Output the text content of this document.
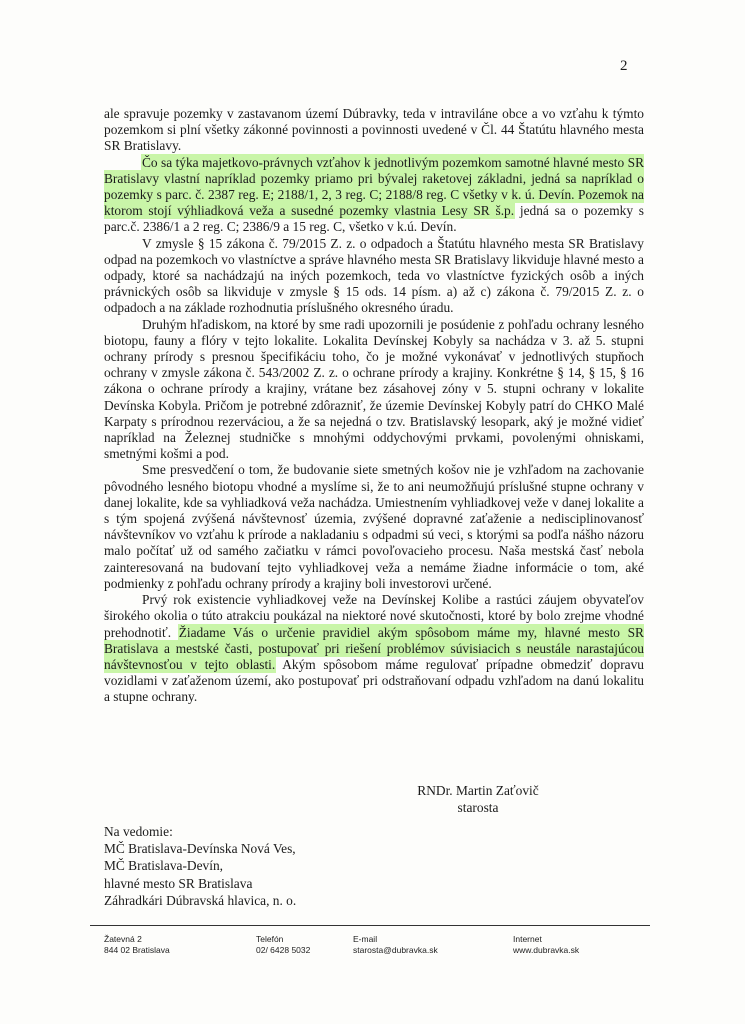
2

ale spravuje pozemky v zastavanom území Dúbravky, teda v intraviláne obce a vo vzťahu k týmto pozemkom si plní všetky zákonné povinnosti a povinnosti uvedené v Čl. 44 Štatútu hlavného mesta SR Bratislavy.

Čo sa týka majetkovo-právnych vzťahov k jednotlivým pozemkom samotné hlavné mesto SR Bratislavy vlastní napríklad pozemky priamo pri bývalej raketovej základni, jedná sa napríklad o pozemky s parc. č. 2387 reg. E; 2188/1, 2, 3 reg. C; 2188/8 reg. C všetky v k. ú. Devín. Pozemok na ktorom stojí výhliadková veža a susedné pozemky vlastnia Lesy SR š.p. jedná sa o pozemky s parc.č. 2386/1 a 2 reg. C; 2386/9 a 15 reg. C, všetko v k.ú. Devín.

V zmysle § 15 zákona č. 79/2015 Z. z. o odpadoch a Štatútu hlavného mesta SR Bratislavy odpad na pozemkoch vo vlastníctve a správe hlavného mesta SR Bratislavy likviduje hlavné mesto a odpady, ktoré sa nachádzajú na iných pozemkoch, teda vo vlastníctve fyzických osôb a iných právnických osôb sa likviduje v zmysle § 15 ods. 14 písm. a) až c) zákona č. 79/2015 Z. z. o odpadoch a na základe rozhodnutia príslušného okresného úradu.

Druhým hľadiskom, na ktoré by sme radi upozornili je posúdenie z pohľadu ochrany lesného biotopu, fauny a flóry v tejto lokalite. Lokalita Devínskej Kobyly sa nachádza v 3. až 5. stupni ochrany prírody s presnou špecifikáciu toho, čo je možné vykonávať v jednotlivých stupňoch ochrany v zmysle zákona č. 543/2002 Z. z. o ochrane prírody a krajiny. Konkrétne § 14, § 15, § 16 zákona o ochrane prírody a krajiny, vrátane bez zásahovej zóny v 5. stupni ochrany v lokalite Devínska Kobyla. Pričom je potrebné zdôrazniť, že územie Devínskej Kobyly patrí do CHKO Malé Karpaty s prírodnou rezerváciou, a že sa nejedná o tzv. Bratislavský lesopark, aký je možné vidieť napríklad na Železnej studničke s mnohými oddychovými prvkami, povolenými ohniskami, smetnými košmi a pod.

Sme presvedčení o tom, že budovanie siete smetných košov nie je vzhľadom na zachovanie pôvodného lesného biotopu vhodné a myslíme si, že to ani neumožňujú príslušné stupne ochrany v danej lokalite, kde sa vyhliadková veža nachádza. Umiestnením vyhliadkovej veže v danej lokalite a s tým spojená zvýšená návštevnosť územia, zvýšené dopravné zaťaženie a nedisciplinovanosť návštevníkov vo vzťahu k prírode a nakladaniu s odpadmi sú veci, s ktorými sa podľa nášho názoru malo počítať už od samého začiatku v rámci povoľovacieho procesu. Naša mestská časť nebola zainteresovaná na budovaní tejto vyhliadkovej veža a nemáme žiadne informácie o tom, aké podmienky z pohľadu ochrany prírody a krajiny boli investorovi určené.

Prvý rok existencie vyhliadkovej veže na Devínskej Kolibe a rastúci záujem obyvateľov širokého okolia o túto atrakciu poukázal na niektoré nové skutočnosti, ktoré by bolo zrejme vhodné prehodnotiť. Žiadame Vás o určenie pravidiel akým spôsobom máme my, hlavné mesto SR Bratislava a mestské časti, postupovať pri riešení problémov súvisiacich s neustále narastajúcou návštevnosťou v tejto oblasti. Akým spôsobom máme regulovať prípadne obmedziť dopravu vozidlami v zaťaženom území, ako postupovať pri odstraňovaní odpadu vzhľadom na danú lokalitu a stupne ochrany.

RNDr. Martin Zaťovič
starosta
Na vedomie:
MČ Bratislava-Devínska Nová Ves,
MČ Bratislava-Devín,
hlavné mesto SR Bratislava
Záhradkári Dúbravská hlavica, n. o.
Žatevná 2
844 02 Bratislava
Telefón
02/ 6428 5032
E-mail
starosta@dubravka.sk
Internet
www.dubravka.sk
